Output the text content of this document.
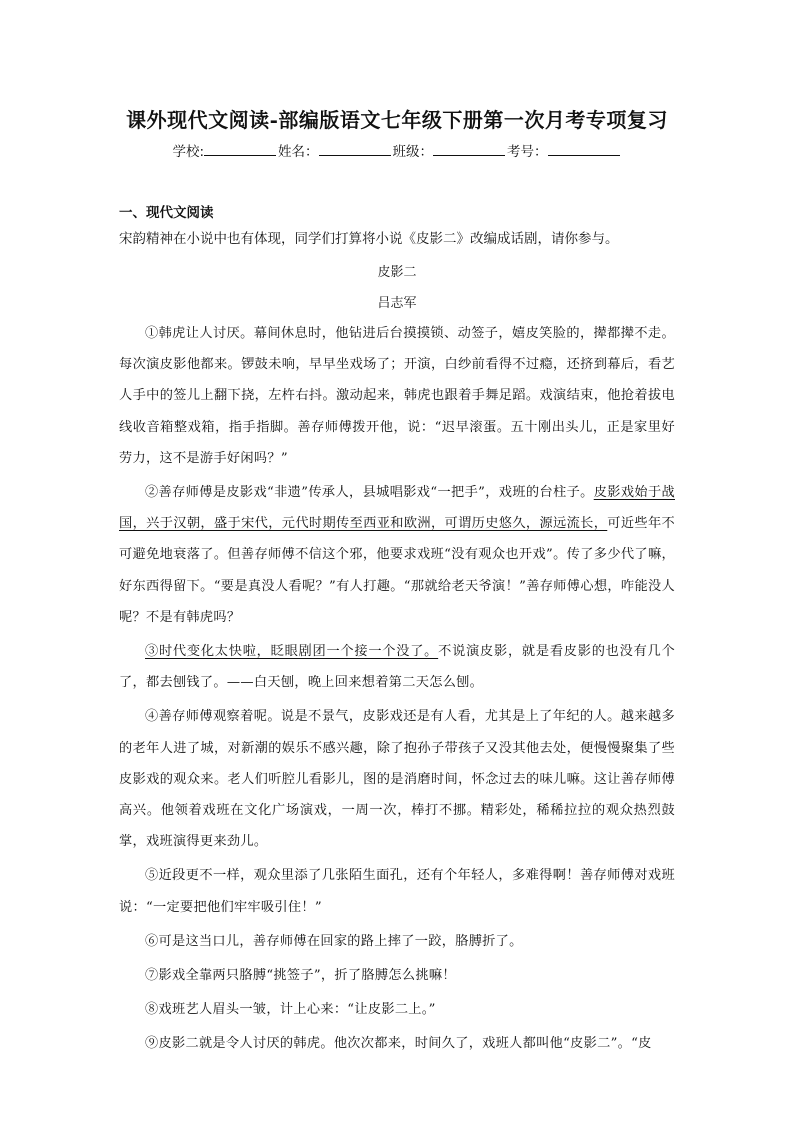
课外现代文阅读-部编版语文七年级下册第一次月考专项复习
学校:	姓名：	班级：	考号：
一、现代文阅读
宋韵精神在小说中也有体现，同学们打算将小说《皮影二》改编成话剧，请你参与。
皮影二
吕志军

①韩虎让人讨厌。幕间休息时，他钻进后台摸摸锁、动签子，嬉皮笑脸的，撵都撵不走。每次演皮影他都来。锣鼓未响，早早坐戏场了；开演，白纱前看得不过瘾，还挤到幕后，看艺人手中的签儿上翻下挠，左杵右抖。激动起来，韩虎也跟着手舞足蹈。戏演结束，他抢着拔电线收音箱整戏箱，指手指脚。善存师傅拨开他，说：“迟早滚蛋。五十刚出头儿，正是家里好劳力，这不是游手好闲吗？”

②善存师傅是皮影戏“非遗”传承人，县城唱影戏“一把手”，戏班的台柱子。皮影戏始于战国，兴于汉朝，盛于宋代，元代时期传至西亚和欧洲，可谓历史悠久，源远流长，可近些年不可避免地衰落了。但善存师傅不信这个邪，他要求戏班“没有观众也开戏”。传了多少代了嘛，好东西得留下。“要是真没人看呢？”有人打趣。“那就给老天爷演！”善存师傅心想，咋能没人呢？不是有韩虎吗？

③时代变化太快啦，眨眼剧团一个接一个没了。不说演皮影，就是看皮影的也没有几个了，都去刨钱了。——白天刨，晚上回来想着第二天怎么刨。

④善存师傅观察着呢。说是不景气，皮影戏还是有人看，尤其是上了年纪的人。越来越多的老年人进了城，对新潮的娱乐不感兴趣，除了抱孙子带孩子又没其他去处，便慢慢聚集了些皮影戏的观众来。老人们听腔儿看影儿，图的是消磨时间，怀念过去的味儿嘛。这让善存师傅高兴。他领着戏班在文化广场演戏，一周一次，棒打不挪。精彩处，稀稀拉拉的观众热烈鼓掌，戏班演得更来劲儿。

⑤近段更不一样，观众里添了几张陌生面孔，还有个年轻人，多难得啊！善存师傅对戏班说：“一定要把他们牢牢吸引住！”

⑥可是这当口儿，善存师傅在回家的路上摔了一跤，胳膊折了。

⑦影戏全靠两只胳膊“挑签子”，折了胳膊怎么挑嘛！

⑧戏班艺人眉头一皱，计上心来：“让皮影二上。”

⑨皮影二就是令人讨厌的韩虎。他次次都来，时间久了，戏班人都叫他“皮影二”。“皮
